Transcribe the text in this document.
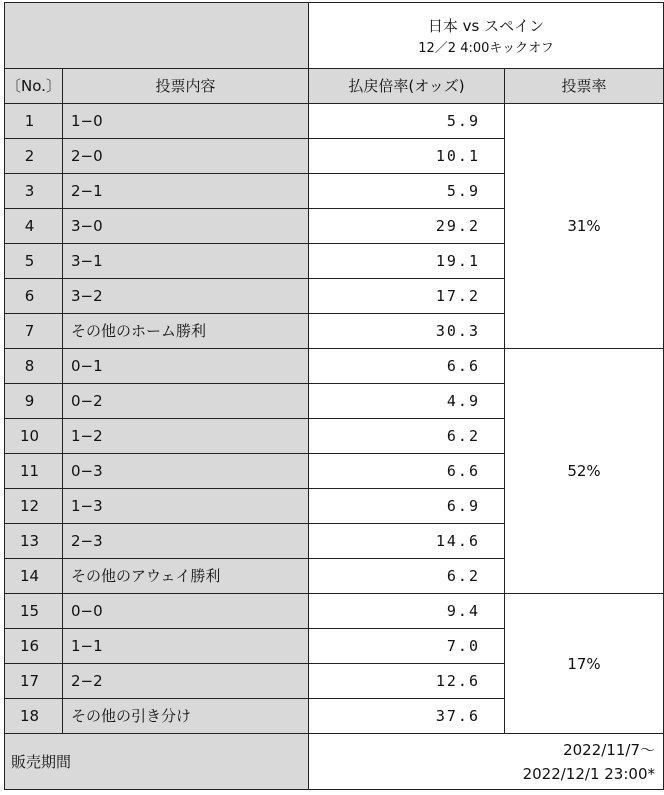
		日本 vs スペイン
12／2 4:00キックオフ	

〔No.〕	投票内容	払戻倍率(オッズ)	投票率
1	1−0	5.9	31%
2	2−0	10.1	
3	2−1	5.9	
4	3−0	29.2	
5	3−1	19.1	
6	3−2	17.2	
7	その他のホーム勝利	30.3	
8	0−1	6.6	52%
9	0−2	4.9	
10	1−2	6.2	
11	0−3	6.6	
12	1−3	6.9	
13	2−3	14.6	
14	その他のアウェイ勝利	6.2	
15	0−0	9.4	17%
16	1−1	7.0	
17	2−2	12.6	
18	その他の引き分け	37.6	
販売期間		2022/11/7〜
2022/12/1 23:00*	
